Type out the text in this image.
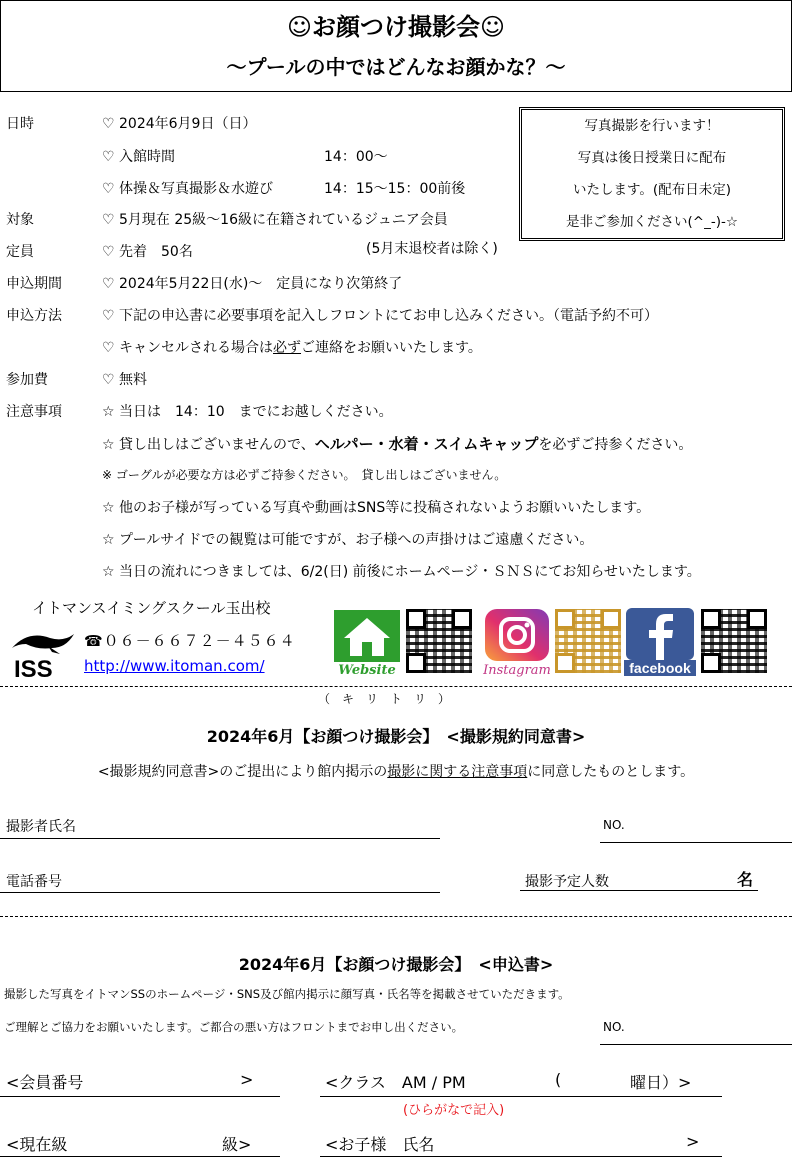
☺お顔つけ撮影会☺
～プールの中ではどんなお顔かな？～
日時	♡ 2024年6月9日（日）
♡ 入館時間	14：00～
♡ 体操＆写真撮影＆水遊び	14：15～15：00前後
対象	♡ 5月現在 25級～16級に在籍されているジュニア会員
定員	♡ 先着　50名	(5月末退校者は除く)
申込期間	♡ 2024年5月22日(水)～　定員になり次第終了
申込方法	♡ 下記の申込書に必要事項を記入しフロントにてお申し込みください。（電話予約不可）
♡ キャンセルされる場合は必ずご連絡をお願いいたします。
参加費	♡ 無料
注意事項	☆ 当日は　14：10　までにお越しください。
☆ 貸し出しはございませんので、ヘルパー・水着・スイムキャップを必ずご持参ください。
※ ゴーグルが必要な方は必ずご持参ください。　貸し出しはございません。
☆ 他のお子様が写っている写真や動画はSNS等に投稿されないようお願いいたします。
☆ プールサイドでの観覧は可能ですが、お子様への声掛けはご遠慮ください。
☆ 当日の流れにつきましては、6/2(日) 前後にホームページ・ＳＮＳにてお知らせいたします。
写真撮影を行います！
写真は後日授業日に配布
いたします。(配布日未定)
是非ご参加ください(^_-)-☆
イトマンスイミングスクール玉出校
ISS
☎０６－６６７２－４５６４
http://www.itoman.com/	Website	Instagram	facebook
（　キ　リ　ト　リ　）
2024年6月【お顔つけ撮影会】　<撮影規約同意書>
<撮影規約同意書>のご提出により館内掲示の撮影に関する注意事項に同意したものとします。
撮影者氏名	NO.
電話番号	撮影予定人数	名
2024年6月【お顔つけ撮影会】　<申込書>
撮影した写真をイトマンSSのホームページ・SNS及び館内掲示に顔写真・氏名等を掲載させていただきます。
ご理解とご協力をお願いいたします。ご都合の悪い方はフロントまでお申し出ください。	NO.
<会員番号	>	<クラス　AM / PM	(	曜日）>
(ひらがなで記入)
<現在級	級>	<お子様　氏名	>
